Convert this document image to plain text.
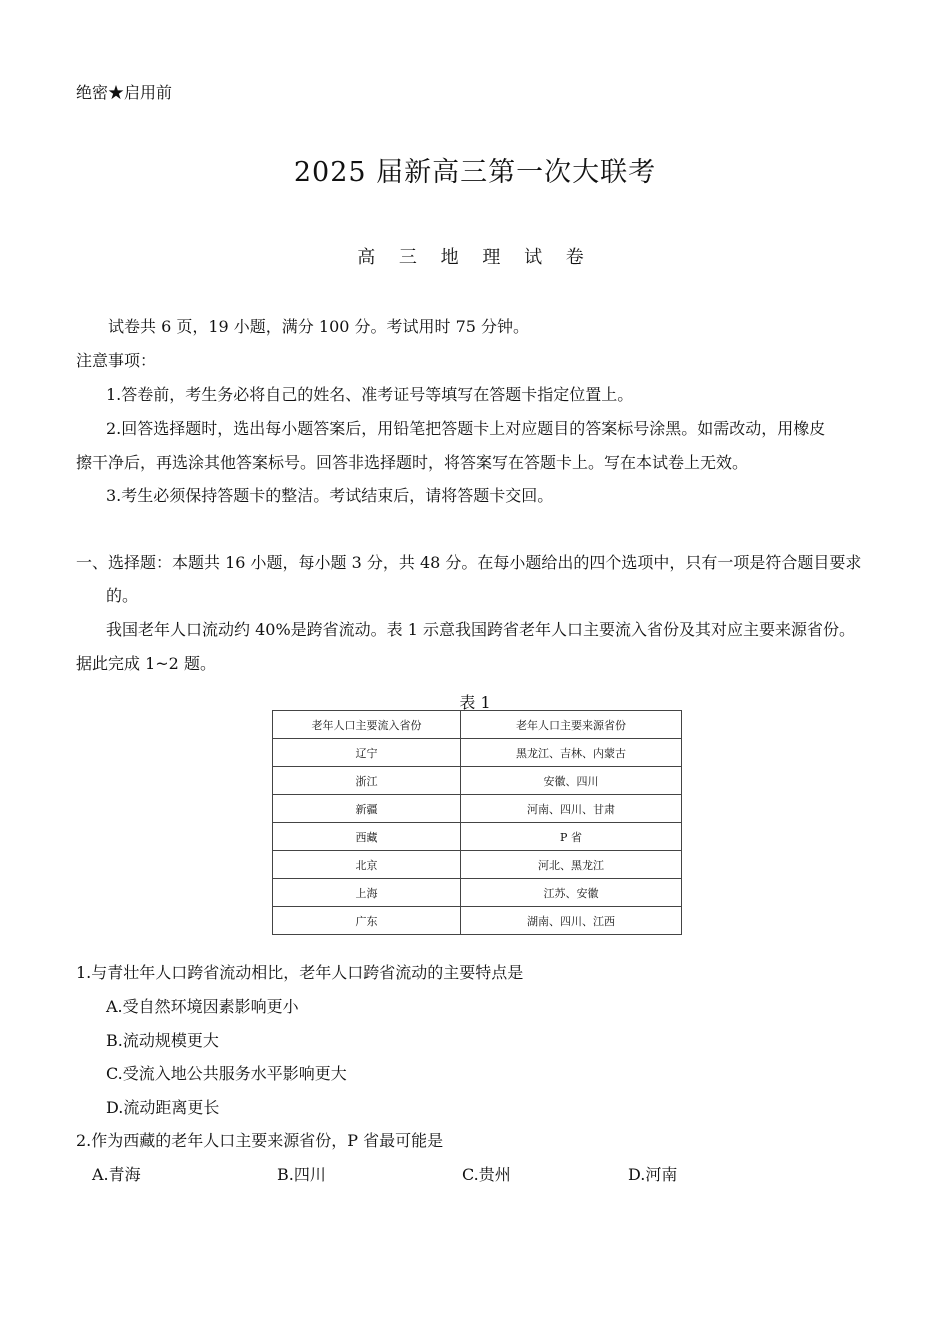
绝密★启用前

2025 届新高三第一次大联考
高 三 地 理 试 卷

试卷共 6 页，19 小题，满分 100 分。考试用时 75 分钟。

注意事项：

1.答卷前，考生务必将自己的姓名、准考证号等填写在答题卡指定位置上。

2.回答选择题时，选出每小题答案后，用铅笔把答题卡上对应题目的答案标号涂黑。如需改动，用橡皮

擦干净后，再选涂其他答案标号。回答非选择题时，将答案写在答题卡上。写在本试卷上无效。

3.考生必须保持答题卡的整洁。考试结束后，请将答题卡交回。

一、选择题：本题共 16 小题，每小题 3 分，共 48 分。在每小题给出的四个选项中，只有一项是符合题目要求

的。

我国老年人口流动约 40%是跨省流动。表 1 示意我国跨省老年人口主要流入省份及其对应主要来源省份。

据此完成 1~2 题。

表 1

老年人口主要流入省份	老年人口主要来源省份
辽宁	黑龙江、吉林、内蒙古
浙江	安徽、四川
新疆	河南、四川、甘肃
西藏	P 省
北京	河北、黑龙江
上海	江苏、安徽
广东	湖南、四川、江西

1.与青壮年人口跨省流动相比，老年人口跨省流动的主要特点是

A.受自然环境因素影响更小

B.流动规模更大

C.受流入地公共服务水平影响更大

D.流动距离更长

2.作为西藏的老年人口主要来源省份，P 省最可能是

A.青海	B.四川	C.贵州	D.河南
